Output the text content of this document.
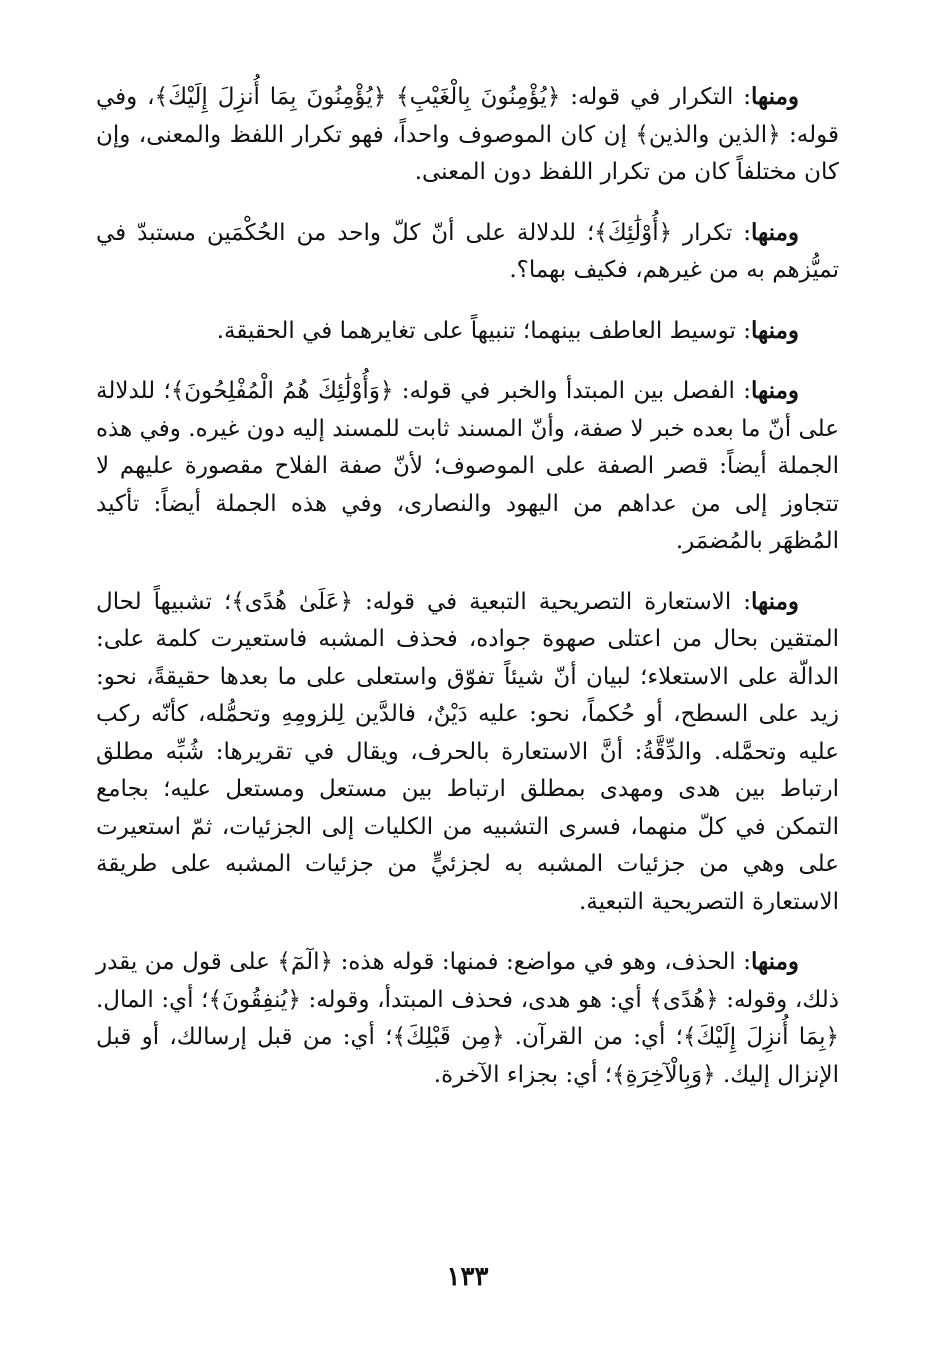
ومنها: التكرار في قوله: ﴿يُؤْمِنُونَ بِالْغَيْبِ﴾ ﴿يُؤْمِنُونَ بِمَا أُنزِلَ إِلَيْكَ﴾، وفي قوله: ﴿الذين والذين﴾ إن كان الموصوف واحداً، فهو تكرار اللفظ والمعنى، وإن كان مختلفاً كان من تكرار اللفظ دون المعنى.

ومنها: تكرار ﴿أُوْلَٰئِكَ﴾؛ للدلالة على أنّ كلّ واحد من الحُكْمَين مستبدّ في تميُّزهم به من غيرهم، فكيف بهما؟.

ومنها: توسيط العاطف بينهما؛ تنبيهاً على تغايرهما في الحقيقة.

ومنها: الفصل بين المبتدأ والخبر في قوله: ﴿وَأُوْلَٰئِكَ هُمُ الْمُفْلِحُونَ﴾؛ للدلالة على أنّ ما بعده خبر لا صفة، وأنّ المسند ثابت للمسند إليه دون غيره. وفي هذه الجملة أيضاً: قصر الصفة على الموصوف؛ لأنّ صفة الفلاح مقصورة عليهم لا تتجاوز إلى من عداهم من اليهود والنصارى، وفي هذه الجملة أيضاً: تأكيد المُظهَر بالمُضمَر.

ومنها: الاستعارة التصريحية التبعية في قوله: ﴿عَلَىٰ هُدًى﴾؛ تشبيهاً لحال المتقين بحال من اعتلى صهوة جواده، فحذف المشبه فاستعيرت كلمة على: الدالّة على الاستعلاء؛ لبيان أنّ شيئاً تفوّق واستعلى على ما بعدها حقيقةً، نحو: زيد على السطح، أو حُكماً، نحو: عليه دَيْنٌ، فالدَّين لِلزومِهِ وتحمُّله، كأنّه ركب عليه وتحمَّله. والدِّقَّةُ: أنَّ الاستعارة بالحرف، ويقال في تقريرها: شُبِّه مطلق ارتباط بين هدى ومهدى بمطلق ارتباط بين مستعل ومستعل عليه؛ بجامع التمكن في كلّ منهما، فسرى التشبيه من الكليات إلى الجزئيات، ثمّ استعيرت على وهي من جزئيات المشبه به لجزئيٍّ من جزئيات المشبه على طريقة الاستعارة التصريحية التبعية.

ومنها: الحذف، وهو في مواضع: فمنها: قوله هذه: ﴿الٓمٓ﴾ على قول من يقدر ذلك، وقوله: ﴿هُدًى﴾ أي: هو هدى، فحذف المبتدأ، وقوله: ﴿يُنفِقُونَ﴾؛ أي: المال. ﴿بِمَا أُنزِلَ إِلَيْكَ﴾؛ أي: من القرآن. ﴿مِن قَبْلِكَ﴾؛ أي: من قبل إرسالك، أو قبل الإنزال إليك. ﴿وَبِالْآخِرَةِ﴾؛ أي: بجزاء الآخرة.

١٣٣
